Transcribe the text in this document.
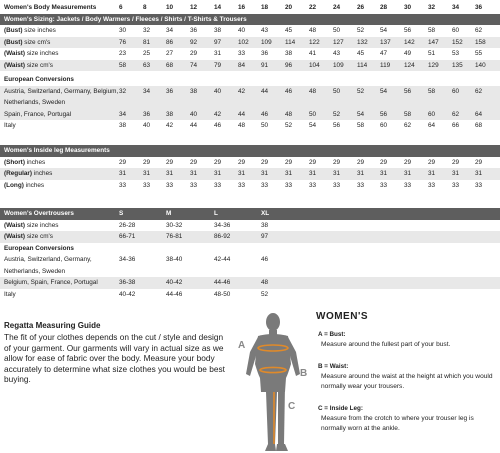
Women's Body Measurements	6	8	10	12	14	16 18	20	22	24	26 28	30	32	34 36
Women's Sizing: Jackets / Body Warmers / Fleeces / Shirts / T-Shirts & Trousers
(Bust) size inches	30	32 34	36	38	40 43	45	48	50	52 54	56	58	60 62
(Bust) size cm's	76	81 86	92	97	102 109 114 122 127 132 137 142 147 152 158
(Waist) size inches	23	25 27	29	31	33 36	38	41	43	45 47	49	51	53 55
(Waist) size cm's	58	63 68	74	79	84 91	96	104 109 114 119 124 129 135 140
European Conversions
Austria, Switzerland, Germany, Belgium, 32	34 36	38	40	42 44	46	48	50	52 54	56	58	60 62
Netherlands, Sweden
Spain, France, Portugal	34	36 38	40	42	44 46	48	50	52	54 56	58	60	62 64
Italy	38	40 42	44	46	48 50	52	54	56	58 60	62	64	66 68
Women's Inside leg Measurements
(Short) inches	29	29 29	29	29	29 29	29	29	29	29 29	29	29	29 29
(Regular) inches	31	31 31	31	31	31 31	31	31	31	31 31	31	31	31 31
(Long) inches	33	33 33	33	33	33 33	33	33	33	33 33	33	33	33 33
Women's Overtrousers	S	M	L	XL
(Waist) size inches	26-28	30-32	34-36	38
(Waist) size cm's	66-71	76-81	86-92	97
European Conversions
Austria, Switzerland, Germany,	34-36	38-40	42-44	46
Netherlands, Sweden
Belgium, Spain, France, Portugal	36-38	40-42	44-46	48
Italy	40-42	44-46	48-50	52
Regatta Measuring Guide
The fit of your clothes depends on the cut / style and design of your garment. Our garments will vary in actual size as we allow for ease of fabric over the body. Measure your body accurately to determine what size clothes you would be best buying.
A
B
C
WOMEN'S
A = Bust:
Measure around the fullest part of your bust.
B = Waist:
Measure around the waist at the height at which you would normally wear your trousers.
C = Inside Leg:
Measure from the crotch to where your trouser leg is normally worn at the ankle.
